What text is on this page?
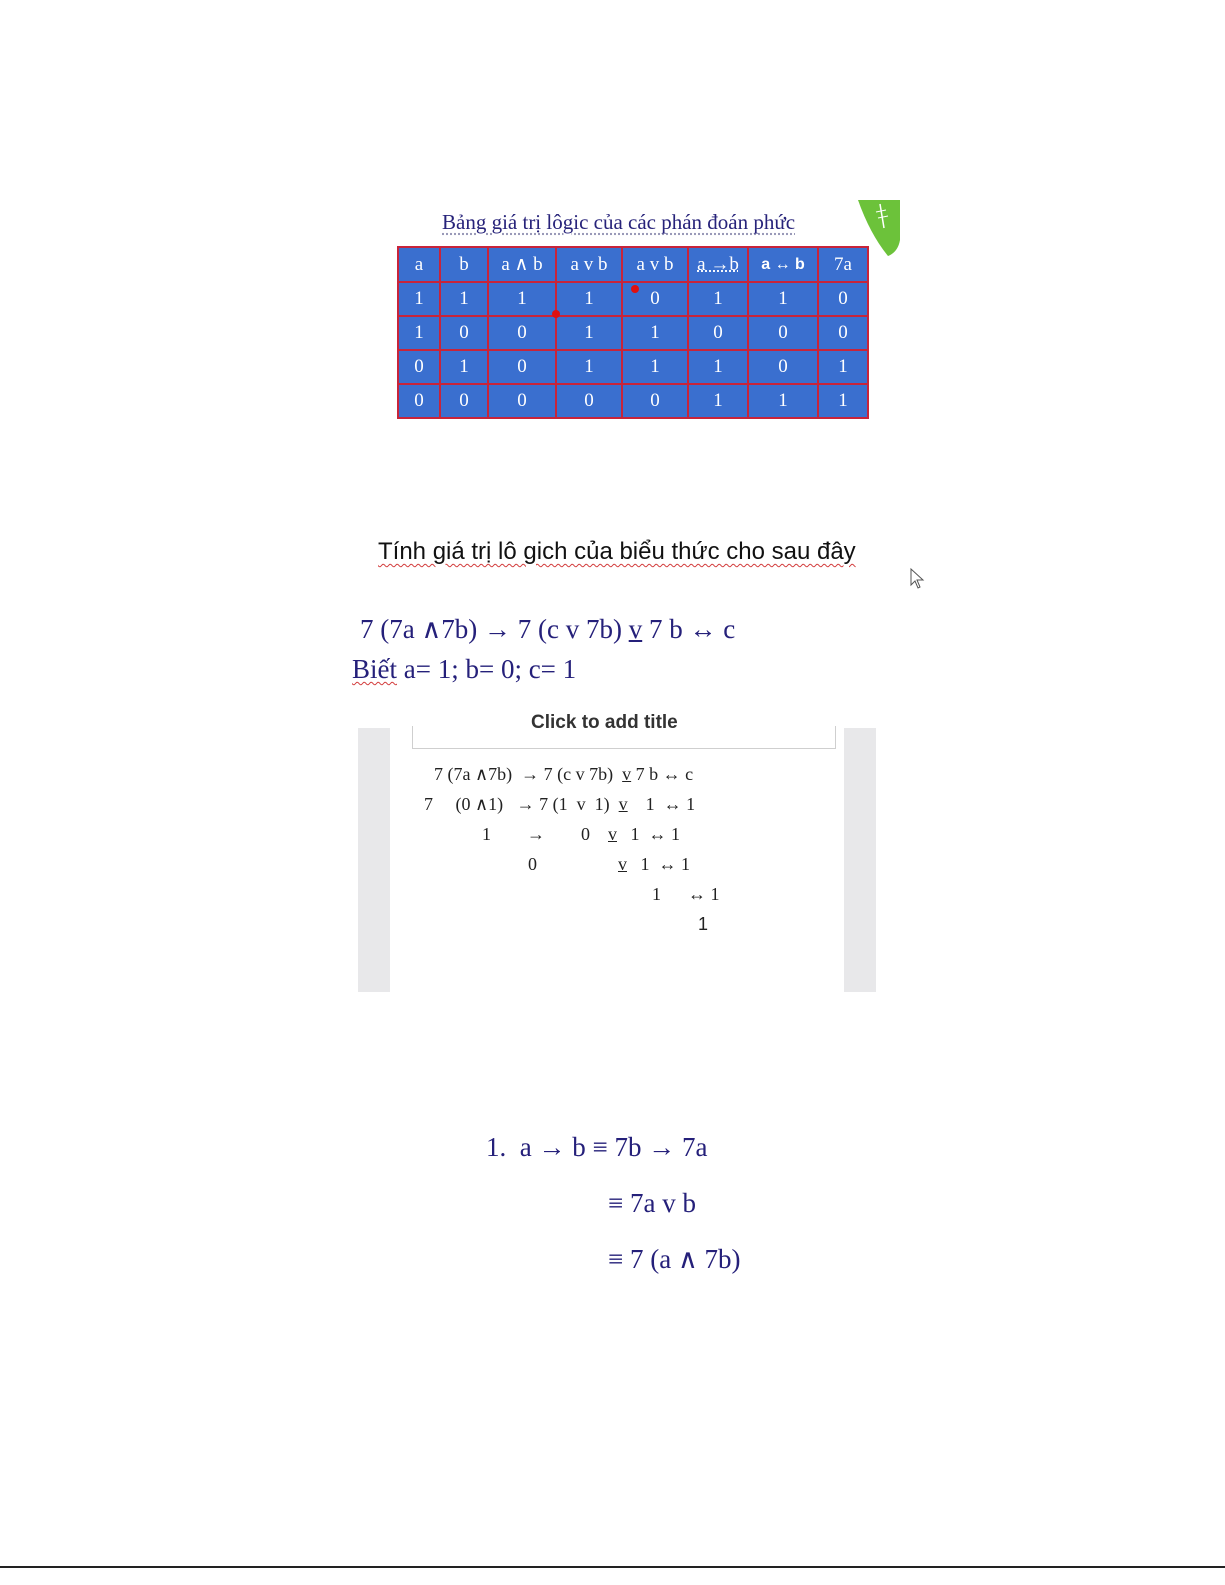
Bảng giá trị lôgic của các phán đoán phức
a	b	a ∧ b	a v b	a v b	a →b	a ↔ b	7a
1	1	1	1	0	1	1	0
1	0	0	1	1	0	0	0
0	1	0	1	1	1	0	1
0	0	0	0	0	1	1	1
Tính giá trị lô gich của biểu thức cho sau đây
7 (7a ∧7b) → 7 (c v 7b) v 7 b ↔ c
Biết a= 1; b= 0; c= 1
Click to add title
7 (7a ∧7b)  → 7 (c v 7b)  v 7 b ↔ c
7     (0 ∧1)   → 7 (1  v  1)  v    1  ↔ 1
1        →        0    v   1  ↔ 1
0                  v   1  ↔ 1
1      ↔ 1
1
1.  a → b ≡ 7b → 7a
≡ 7a v b
≡ 7 (a ∧ 7b)
